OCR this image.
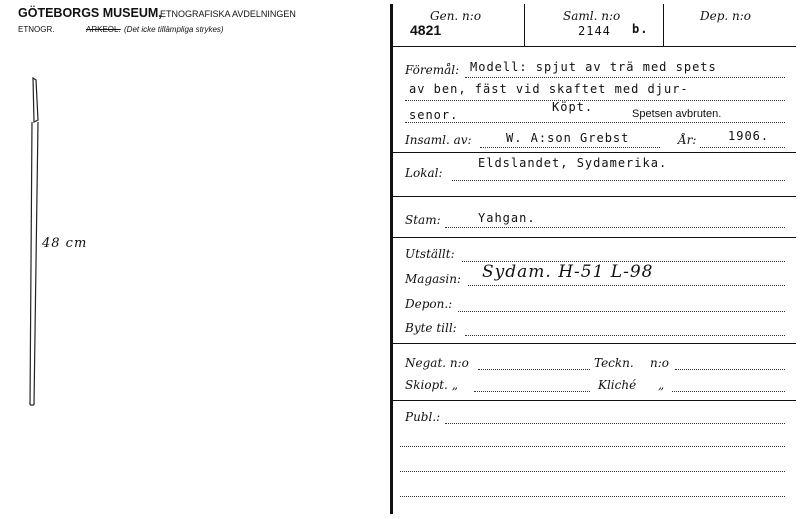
GÖTEBORGS MUSEUM,
ETNOGRAFISKA AVDELNINGEN
ETNOGR.	ARKEOL. (Det icke tillämpliga strykes)
48 cm
Gen. n:o
4821
Saml. n:o
2144 b.
Dep. n:o
Föremål: Modell: spjut av trä med spets
av ben, fäst vid skaftet med djur-
senor.
Köpt.	Spetsen avbruten.
Insaml. av:	W. A:son Grebst	År:	1906.
Eldslandet, Sydamerika.
Lokal:
Stam:	Yahgan.
Utställt:
Magasin: Sydam. H-51 L-98
Depon.:
Byte till:
Negat. n:o	Teckn. n:o
Skiopt. „	Kliché „
Publ.:
